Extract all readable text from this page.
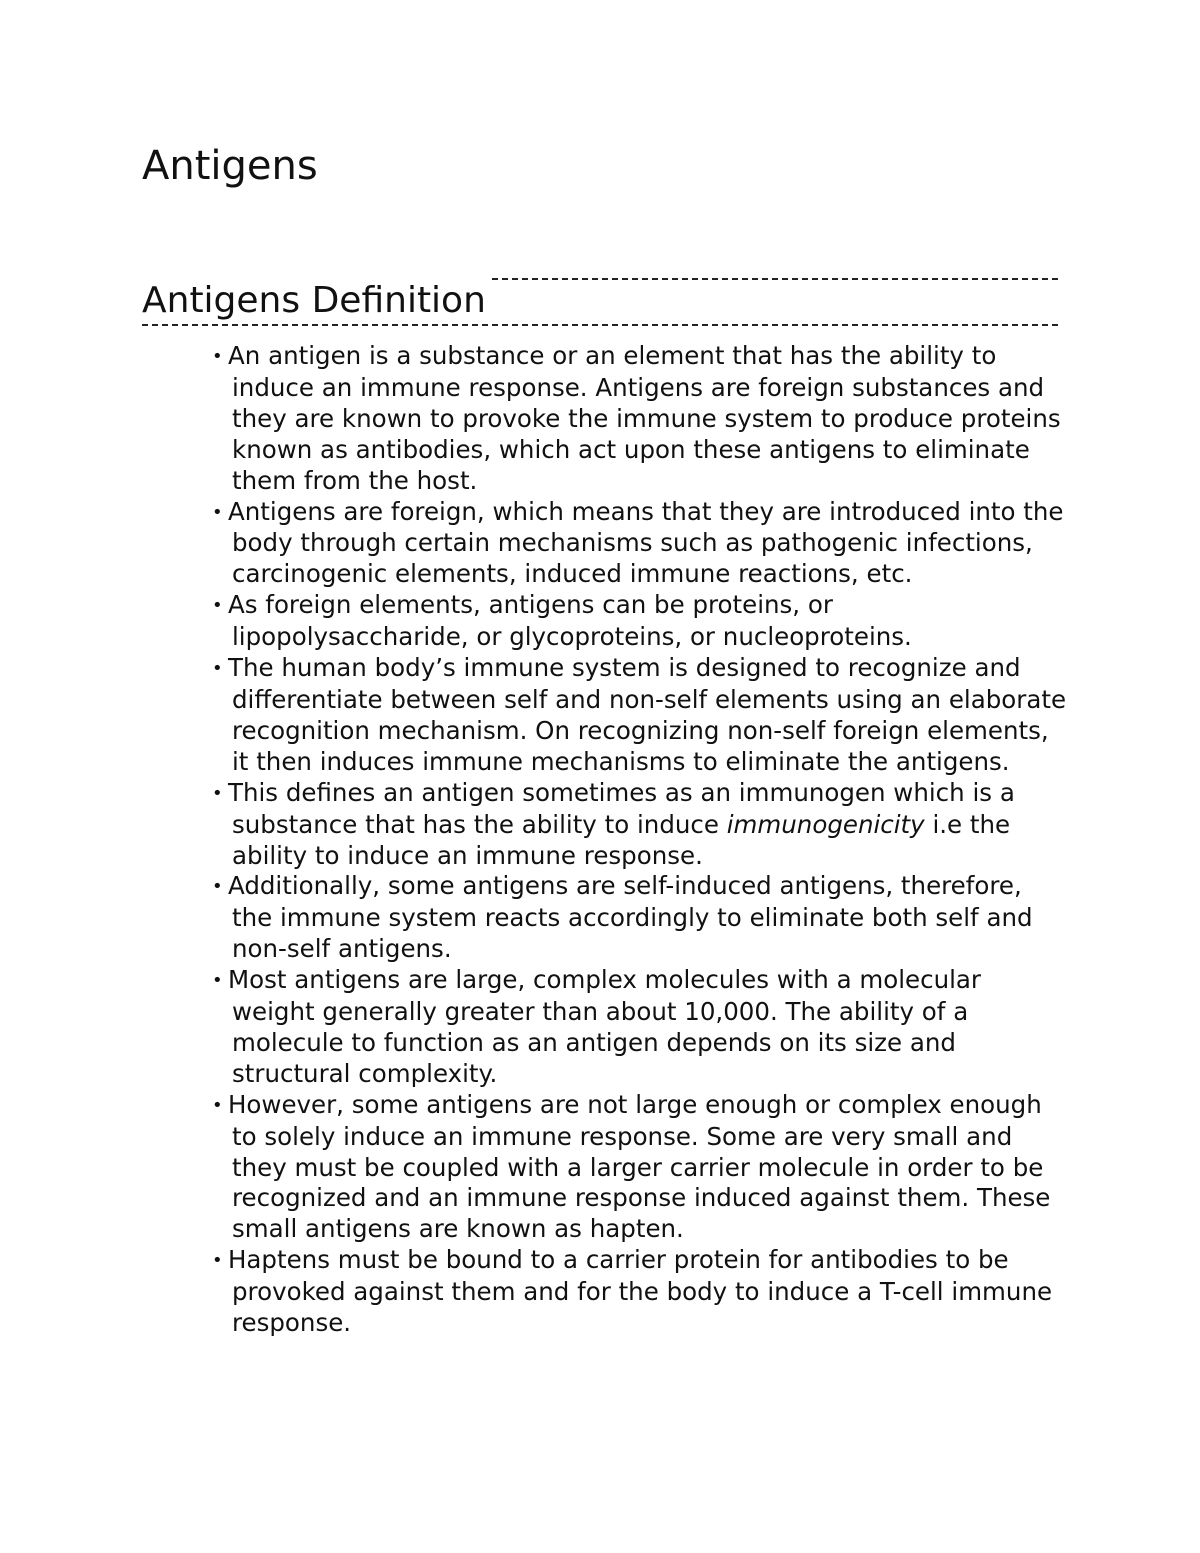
Antigens
Antigens Definition
• An antigen is a substance or an element that has the ability to induce an immune response. Antigens are foreign substances and they are known to provoke the immune system to produce proteins known as antibodies, which act upon these antigens to eliminate them from the host.
• Antigens are foreign, which means that they are introduced into the body through certain mechanisms such as pathogenic infections, carcinogenic elements, induced immune reactions, etc.
• As foreign elements, antigens can be proteins, or lipopolysaccharide, or glycoproteins, or nucleoproteins.
• The human body’s immune system is designed to recognize and differentiate between self and non-self elements using an elaborate recognition mechanism. On recognizing non-self foreign elements, it then induces immune mechanisms to eliminate the antigens.
• This defines an antigen sometimes as an immunogen which is a substance that has the ability to induce immunogenicity i.e the ability to induce an immune response.
• Additionally, some antigens are self-induced antigens, therefore, the immune system reacts accordingly to eliminate both self and non-self antigens.
• Most antigens are large, complex molecules with a molecular weight generally greater than about 10,000. The ability of a molecule to function as an antigen depends on its size and structural complexity.
• However, some antigens are not large enough or complex enough to solely induce an immune response. Some are very small and they must be coupled with a larger carrier molecule in order to be recognized and an immune response induced against them. These small antigens are known as hapten.
• Haptens must be bound to a carrier protein for antibodies to be provoked against them and for the body to induce a T-cell immune response.
